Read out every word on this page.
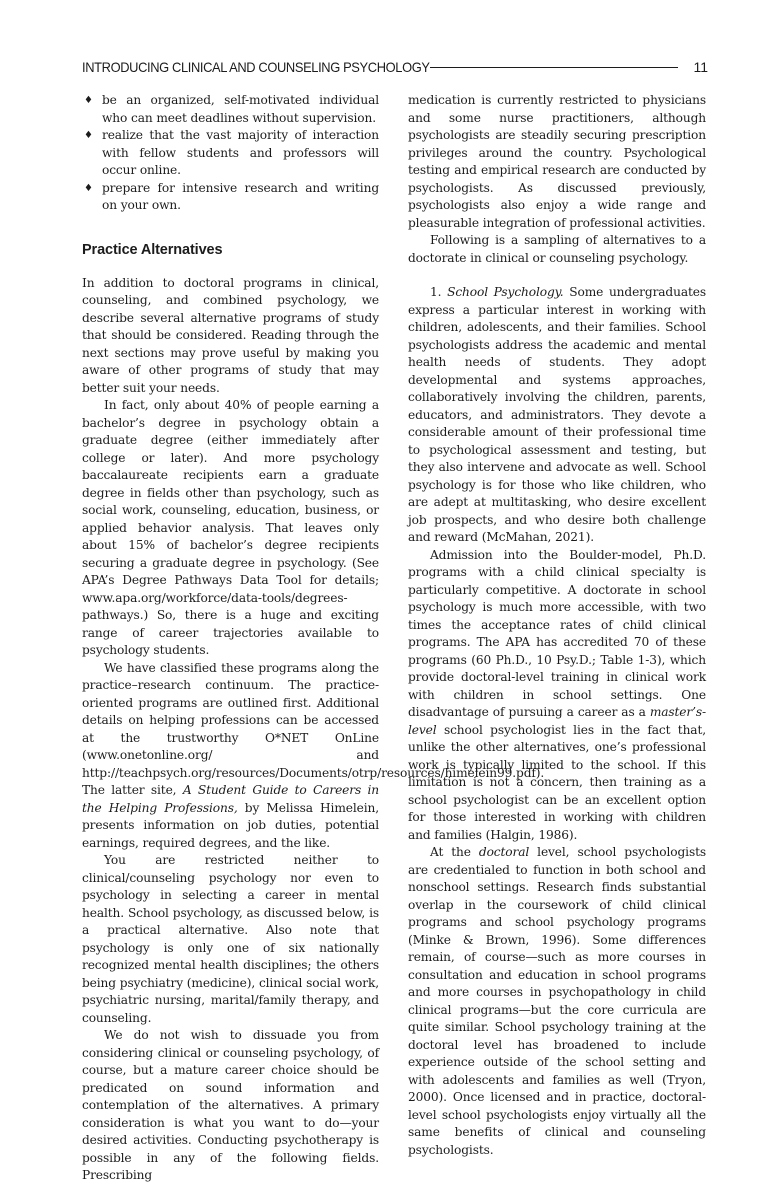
INTRODUCING CLINICAL AND COUNSELING PSYCHOLOGY	11
♦ be an organized, self-motivated individual who can meet deadlines without supervision.
♦ realize that the vast majority of interaction with fellow students and professors will occur online.
♦ prepare for intensive research and writing on your own.
Practice Alternatives

In addition to doctoral programs in clinical, counseling, and combined psychology, we describe several alternative programs of study that should be considered. Reading through the next sections may prove useful by making you aware of other programs of study that may better suit your needs.

In fact, only about 40% of people earning a bachelor’s degree in psychology obtain a graduate degree (either immediately after college or later). And more psychology baccalaureate recipients earn a graduate degree in fields other than psychology, such as social work, counseling, education, business, or applied behavior analysis. That leaves only about 15% of bachelor’s degree recipients securing a graduate degree in psychology. (See APA’s Degree Pathways Data Tool for details; www.apa.org/workforce/data-tools/degrees-pathways.) So, there is a huge and exciting range of career trajectories available to psychology students.

We have classified these programs along the practice–research continuum. The practice-oriented programs are outlined first. Additional details on helping professions can be accessed at the trustworthy O*NET OnLine (www.onetonline.org/ and http://teachpsych.org/resources/Documents/otrp/resources/himelein99.pdf). The latter site, A Student Guide to Careers in the Helping Professions, by Melissa Himelein, presents information on job duties, potential earnings, required degrees, and the like.

You are restricted neither to clinical/counseling psychology nor even to psychology in selecting a career in mental health. School psychology, as discussed below, is a practical alternative. Also note that psychology is only one of six nationally recognized mental health disciplines; the others being psychiatry (medicine), clinical social work, psychiatric nursing, marital/family therapy, and counseling.

We do not wish to dissuade you from considering clinical or counseling psychology, of course, but a mature career choice should be predicated on sound information and contemplation of the alternatives. A primary consideration is what you want to do—your desired activities. Conducting psychotherapy is possible in any of the following fields. Prescribing

medication is currently restricted to physicians and some nurse practitioners, although psychologists are steadily securing prescription privileges around the country. Psychological testing and empirical research are conducted by psychologists. As discussed previously, psychologists also enjoy a wide range and pleasurable integration of professional activities.

Following is a sampling of alternatives to a doctorate in clinical or counseling psychology.

1. School Psychology. Some undergraduates express a particular interest in working with children, adolescents, and their families. School psychologists address the academic and mental health needs of students. They adopt developmental and systems approaches, collaboratively involving the children, parents, educators, and administrators. They devote a considerable amount of their professional time to psychological assessment and testing, but they also intervene and advocate as well. School psychology is for those who like children, who are adept at multitasking, who desire excellent job prospects, and who desire both challenge and reward (McMahan, 2021).

Admission into the Boulder-model, Ph.D. programs with a child clinical specialty is particularly competitive. A doctorate in school psychology is much more accessible, with two times the acceptance rates of child clinical programs. The APA has accredited 70 of these programs (60 Ph.D., 10 Psy.D.; Table 1-3), which provide doctoral-level training in clinical work with children in school settings. One disadvantage of pursuing a career as a master’s-level school psychologist lies in the fact that, unlike the other alternatives, one’s professional work is typically limited to the school. If this limitation is not a concern, then training as a school psychologist can be an excellent option for those interested in working with children and families (Halgin, 1986).

At the doctoral level, school psychologists are credentialed to function in both school and nonschool settings. Research finds substantial overlap in the coursework of child clinical programs and school psychology programs (Minke & Brown, 1996). Some differences remain, of course—such as more courses in consultation and education in school programs and more courses in psychopathology in child clinical programs—but the core curricula are quite similar. School psychology training at the doctoral level has broadened to include experience outside of the school setting and with adolescents and families as well (Tryon, 2000). Once licensed and in practice, doctoral-level school psychologists enjoy virtually all the same benefits of clinical and counseling psychologists.
